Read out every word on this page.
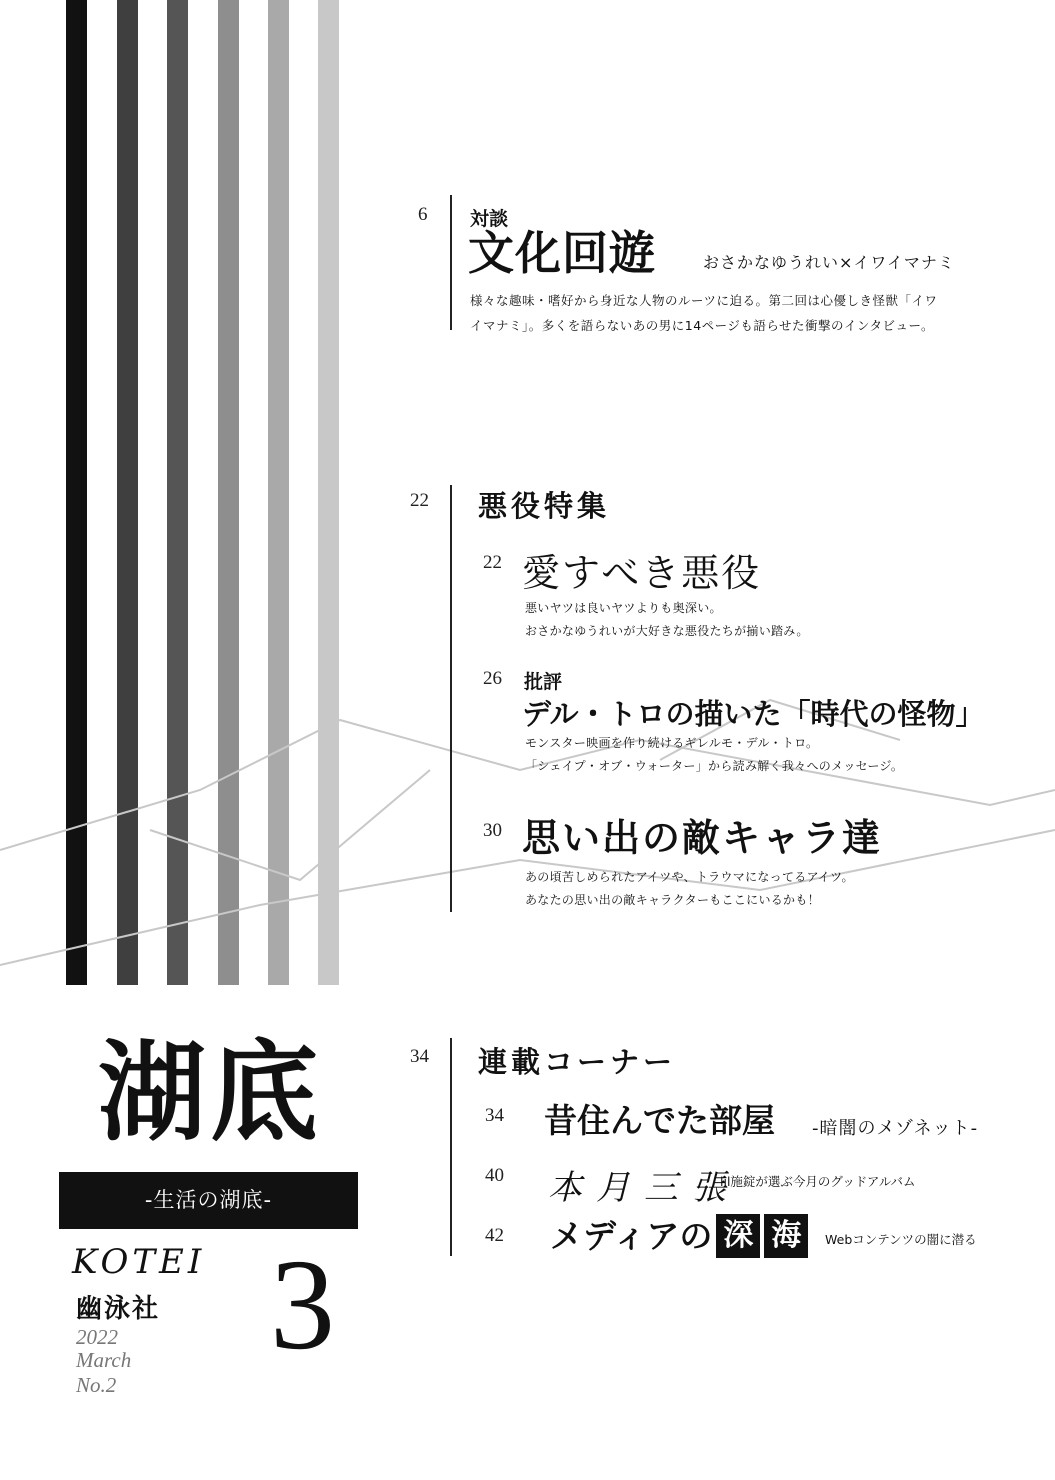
6 対談
文化回遊	おさかなゆうれい×イワイマナミ
様々な趣味・嗜好から身近な人物のルーツに迫る。第二回は心優しき怪獣「イワ
イマナミ」。多くを語らないあの男に14ページも語らせた衝撃のインタビュー。
22 悪役特集
22 愛すべき悪役
悪いヤツは良いヤツよりも奥深い。
おさかなゆうれいが大好きな悪役たちが揃い踏み。
26 批評
デル・トロの描いた「時代の怪物」
モンスター映画を作り続けるギレルモ・デル・トロ。
「シェイプ・オブ・ウォーター」から読み解く我々へのメッセージ。
30 思い出の敵キャラ達
あの頃苦しめられたアイツや、トラウマになってるアイツ。
あなたの思い出の敵キャラクターもここにいるかも！
34 連載コーナー
34 昔住んでた部屋 -暗闇のメゾネット-
40 本月三張
lil施錠が選ぶ今月のグッドアルバム
42 メディアの 深 海	Webコンテンツの闇に潜る
湖底
-生活の湖底-
KOTEI
幽泳社
2022
March
No.2
3
